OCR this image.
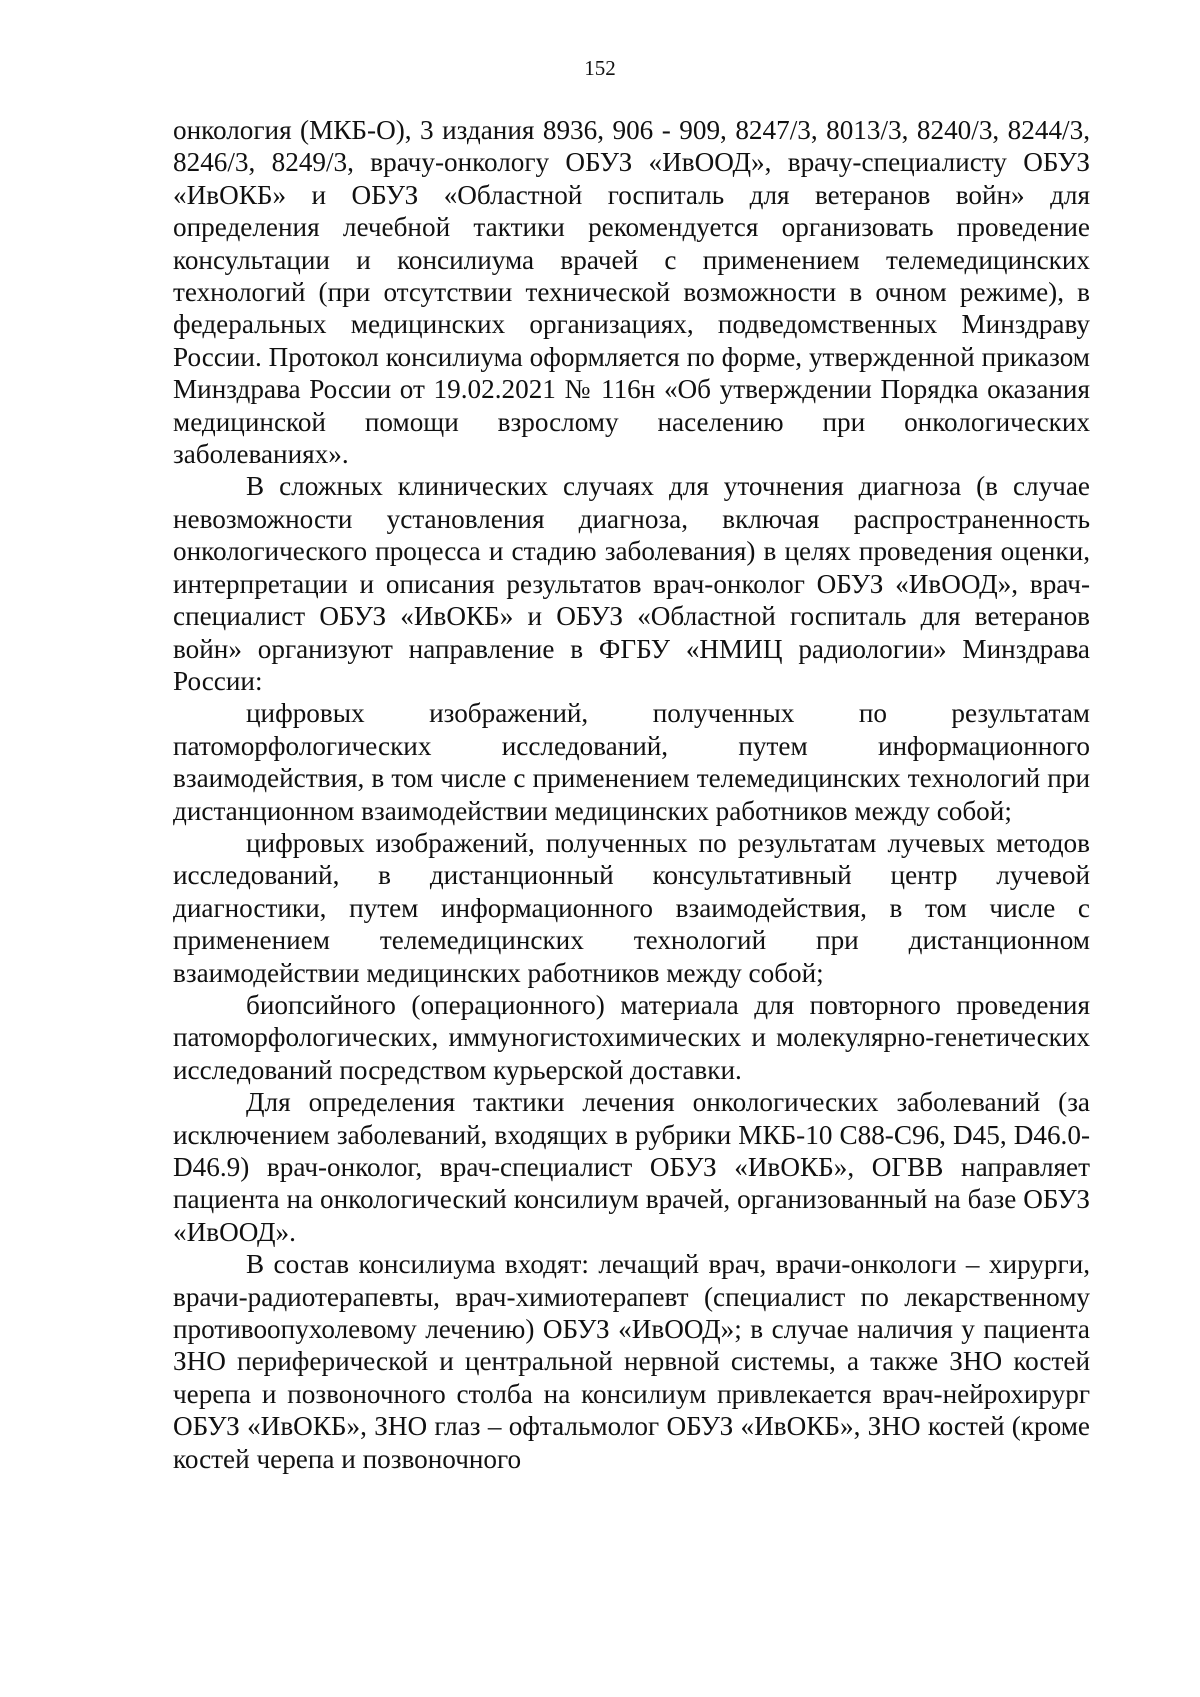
152

онкология (МКБ-О), 3 издания 8936, 906 - 909, 8247/3, 8013/3, 8240/3, 8244/3, 8246/3, 8249/3, врачу-онкологу ОБУЗ «ИвООД», врачу-специалисту ОБУЗ «ИвОКБ» и ОБУЗ «Областной госпиталь для ветеранов войн» для определения лечебной тактики рекомендуется организовать проведение консультации и консилиума врачей с применением телемедицинских технологий (при отсутствии технической возможности в очном режиме), в федеральных медицинских организациях, подведомственных Минздраву России. Протокол консилиума оформляется по форме, утвержденной приказом Минздрава России от 19.02.2021 № 116н «Об утверждении Порядка оказания медицинской помощи взрослому населению при онкологических заболеваниях».

В сложных клинических случаях для уточнения диагноза (в случае невозможности установления диагноза, включая распространенность онкологического процесса и стадию заболевания) в целях проведения оценки, интерпретации и описания результатов врач-онколог ОБУЗ «ИвООД», врач-специалист ОБУЗ «ИвОКБ» и ОБУЗ «Областной госпиталь для ветеранов войн» организуют направление в ФГБУ «НМИЦ радиологии» Минздрава России:

цифровых изображений, полученных по результатам патоморфологических исследований, путем информационного взаимодействия, в том числе с применением телемедицинских технологий при дистанционном взаимодействии медицинских работников между собой;

цифровых изображений, полученных по результатам лучевых методов исследований, в дистанционный консультативный центр лучевой диагностики, путем информационного взаимодействия, в том числе с применением телемедицинских технологий при дистанционном взаимодействии медицинских работников между собой;

биопсийного (операционного) материала для повторного проведения патоморфологических, иммуногистохимических и молекулярно-генетических исследований посредством курьерской доставки.

Для определения тактики лечения онкологических заболеваний (за исключением заболеваний, входящих в рубрики МКБ-10 С88-С96, D45, D46.0-D46.9) врач-онколог, врач-специалист ОБУЗ «ИвОКБ», ОГВВ направляет пациента на онкологический консилиум врачей, организованный на базе ОБУЗ «ИвООД».

В состав консилиума входят: лечащий врач, врачи-онкологи – хирурги, врачи-радиотерапевты, врач-химиотерапевт (специалист по лекарственному противоопухолевому лечению) ОБУЗ «ИвООД»; в случае наличия у пациента ЗНО периферической и центральной нервной системы, а также ЗНО костей черепа и позвоночного столба на консилиум привлекается врач-нейрохирург ОБУЗ «ИвОКБ», ЗНО глаз – офтальмолог ОБУЗ «ИвОКБ», ЗНО костей (кроме костей черепа и позвоночного
